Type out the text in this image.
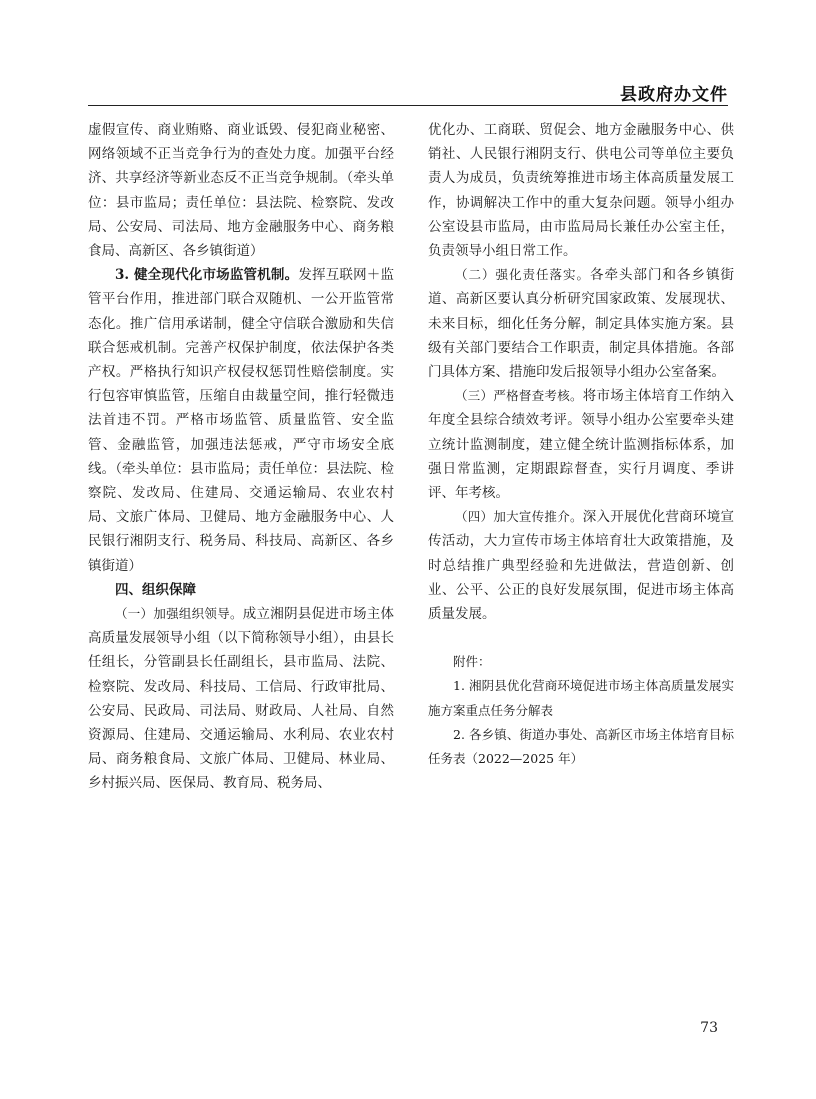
县政府办文件

虚假宣传、商业贿赂、商业诋毁、侵犯商业秘密、网络领域不正当竞争行为的查处力度。加强平台经济、共享经济等新业态反不正当竞争规制。（牵头单位：县市监局；责任单位：县法院、检察院、发改局、公安局、司法局、地方金融服务中心、商务粮食局、高新区、各乡镇街道）

3. 健全现代化市场监管机制。发挥互联网＋监管平台作用，推进部门联合双随机、一公开监管常态化。推广信用承诺制，健全守信联合激励和失信联合惩戒机制。完善产权保护制度，依法保护各类产权。严格执行知识产权侵权惩罚性赔偿制度。实行包容审慎监管，压缩自由裁量空间，推行轻微违法首违不罚。严格市场监管、质量监管、安全监管、金融监管，加强违法惩戒，严守市场安全底线。（牵头单位：县市监局；责任单位：县法院、检察院、发改局、住建局、交通运输局、农业农村局、文旅广体局、卫健局、地方金融服务中心、人民银行湘阴支行、税务局、科技局、高新区、各乡镇街道）

四、组织保障

（一）加强组织领导。成立湘阴县促进市场主体高质量发展领导小组（以下简称领导小组），由县长任组长，分管副县长任副组长，县市监局、法院、检察院、发改局、科技局、工信局、行政审批局、公安局、民政局、司法局、财政局、人社局、自然资源局、住建局、交通运输局、水利局、农业农村局、商务粮食局、文旅广体局、卫健局、林业局、乡村振兴局、医保局、教育局、税务局、

优化办、工商联、贸促会、地方金融服务中心、供销社、人民银行湘阴支行、供电公司等单位主要负责人为成员，负责统筹推进市场主体高质量发展工作，协调解决工作中的重大复杂问题。领导小组办公室设县市监局，由市监局局长兼任办公室主任，负责领导小组日常工作。

（二）强化责任落实。各牵头部门和各乡镇街道、高新区要认真分析研究国家政策、发展现状、未来目标，细化任务分解，制定具体实施方案。县级有关部门要结合工作职责，制定具体措施。各部门具体方案、措施印发后报领导小组办公室备案。

（三）严格督查考核。将市场主体培育工作纳入年度全县综合绩效考评。领导小组办公室要牵头建立统计监测制度，建立健全统计监测指标体系，加强日常监测，定期跟踪督查，实行月调度、季讲评、年考核。

（四）加大宣传推介。深入开展优化营商环境宣传活动，大力宣传市场主体培育壮大政策措施，及时总结推广典型经验和先进做法，营造创新、创业、公平、公正的良好发展氛围，促进市场主体高质量发展。

附件：

1. 湘阴县优化营商环境促进市场主体高质量发展实施方案重点任务分解表

2. 各乡镇、街道办事处、高新区市场主体培育目标任务表（2022—2025 年）

73
